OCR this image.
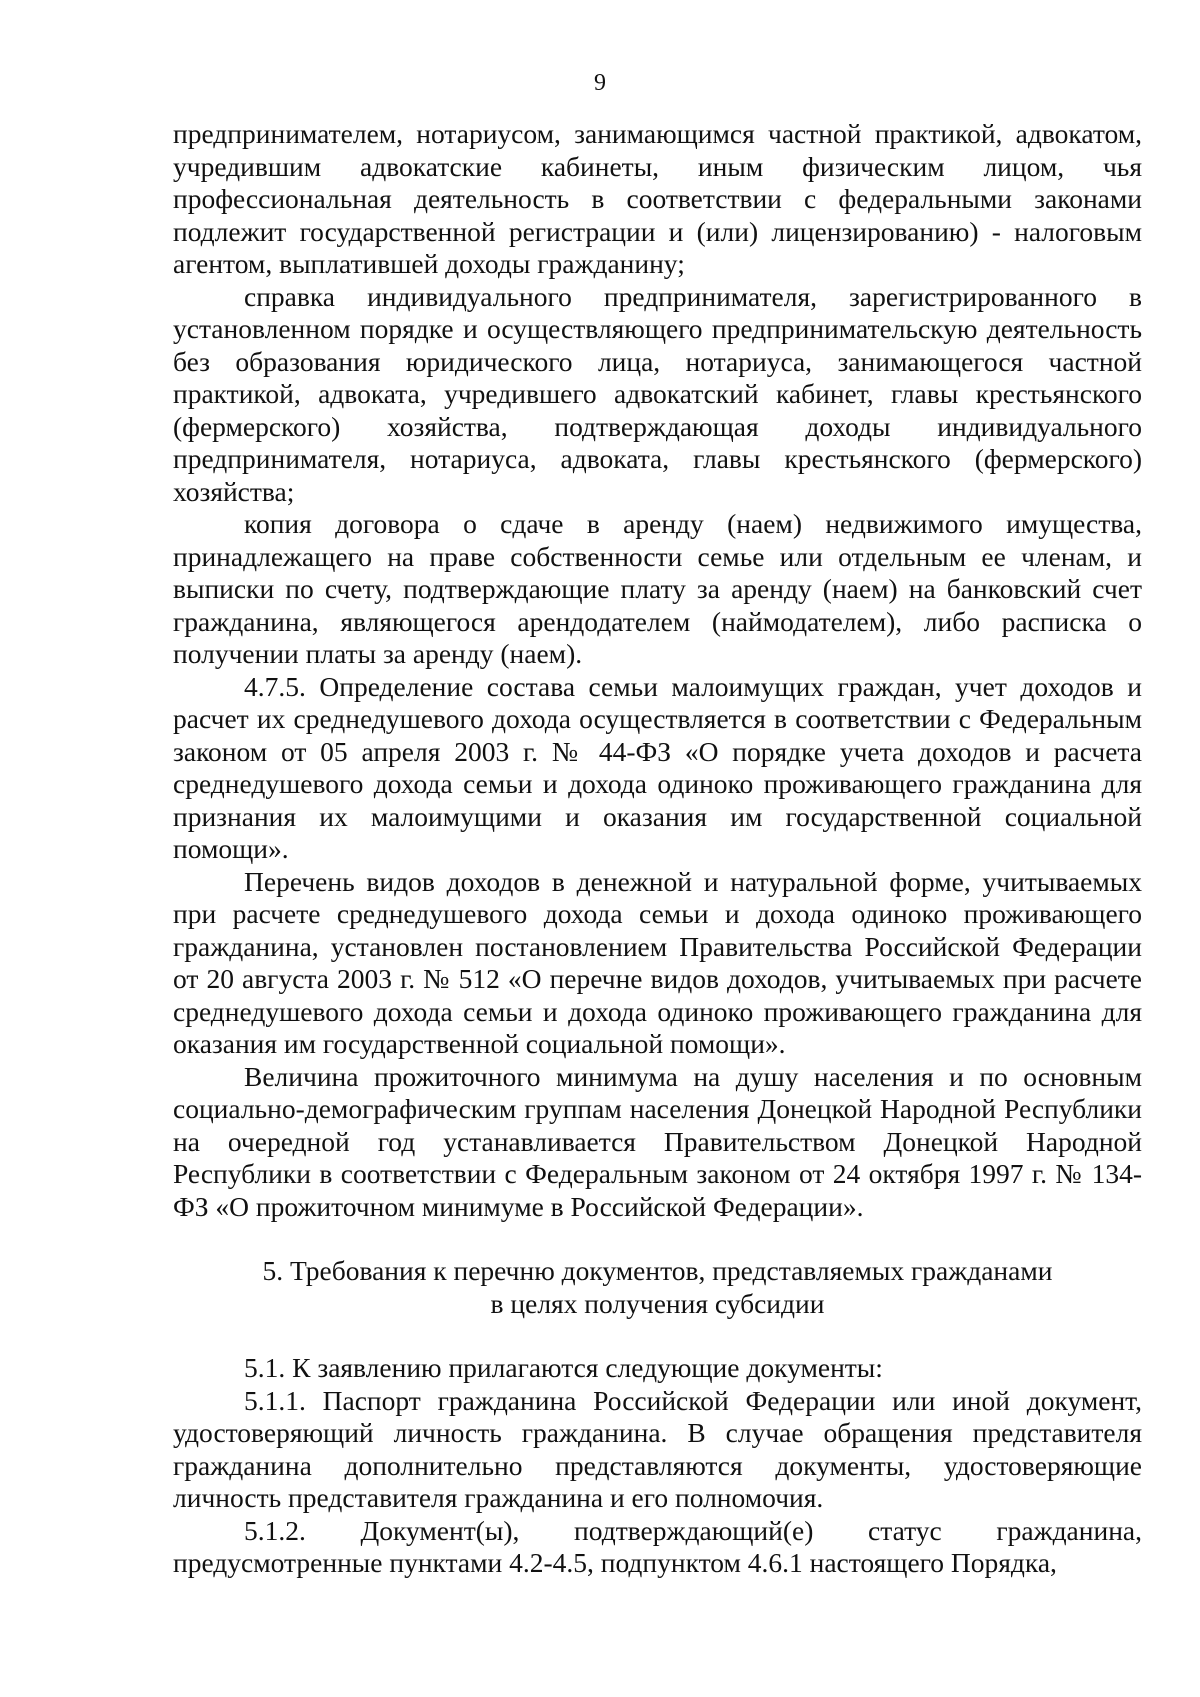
9

предпринимателем, нотариусом, занимающимся частной практикой, адвокатом, учредившим адвокатские кабинеты, иным физическим лицом, чья профессиональная деятельность в соответствии с федеральными законами подлежит государственной регистрации и (или) лицензированию) - налоговым агентом, выплатившей доходы гражданину;

справка индивидуального предпринимателя, зарегистрированного в установленном порядке и осуществляющего предпринимательскую деятельность без образования юридического лица, нотариуса, занимающегося частной практикой, адвоката, учредившего адвокатский кабинет, главы крестьянского (фермерского) хозяйства, подтверждающая доходы индивидуального предпринимателя, нотариуса, адвоката, главы крестьянского (фермерского) хозяйства;

копия договора о сдаче в аренду (наем) недвижимого имущества, принадлежащего на праве собственности семье или отдельным ее членам, и выписки по счету, подтверждающие плату за аренду (наем) на банковский счет гражданина, являющегося арендодателем (наймодателем), либо расписка о получении платы за аренду (наем).

4.7.5. Определение состава семьи малоимущих граждан, учет доходов и расчет их среднедушевого дохода осуществляется в соответствии с Федеральным законом от 05 апреля 2003 г. № 44-ФЗ «О порядке учета доходов и расчета среднедушевого дохода семьи и дохода одиноко проживающего гражданина для признания их малоимущими и оказания им государственной социальной помощи».

Перечень видов доходов в денежной и натуральной форме, учитываемых при расчете среднедушевого дохода семьи и дохода одиноко проживающего гражданина, установлен постановлением Правительства Российской Федерации от 20 августа 2003 г. № 512 «О перечне видов доходов, учитываемых при расчете среднедушевого дохода семьи и дохода одиноко проживающего гражданина для оказания им государственной социальной помощи».

Величина прожиточного минимума на душу населения и по основным социально-демографическим группам населения Донецкой Народной Республики на очередной год устанавливается Правительством Донецкой Народной Республики в соответствии с Федеральным законом от 24 октября 1997 г. № 134-ФЗ «О прожиточном минимуме в Российской Федерации».

5. Требования к перечню документов, представляемых гражданами
в целях получения субсидии

5.1. К заявлению прилагаются следующие документы:

5.1.1. Паспорт гражданина Российской Федерации или иной документ, удостоверяющий личность гражданина. В случае обращения представителя гражданина дополнительно представляются документы, удостоверяющие личность представителя гражданина и его полномочия.

5.1.2. Документ(ы), подтверждающий(е) статус гражданина, предусмотренные пунктами 4.2-4.5, подпунктом 4.6.1 настоящего Порядка,
